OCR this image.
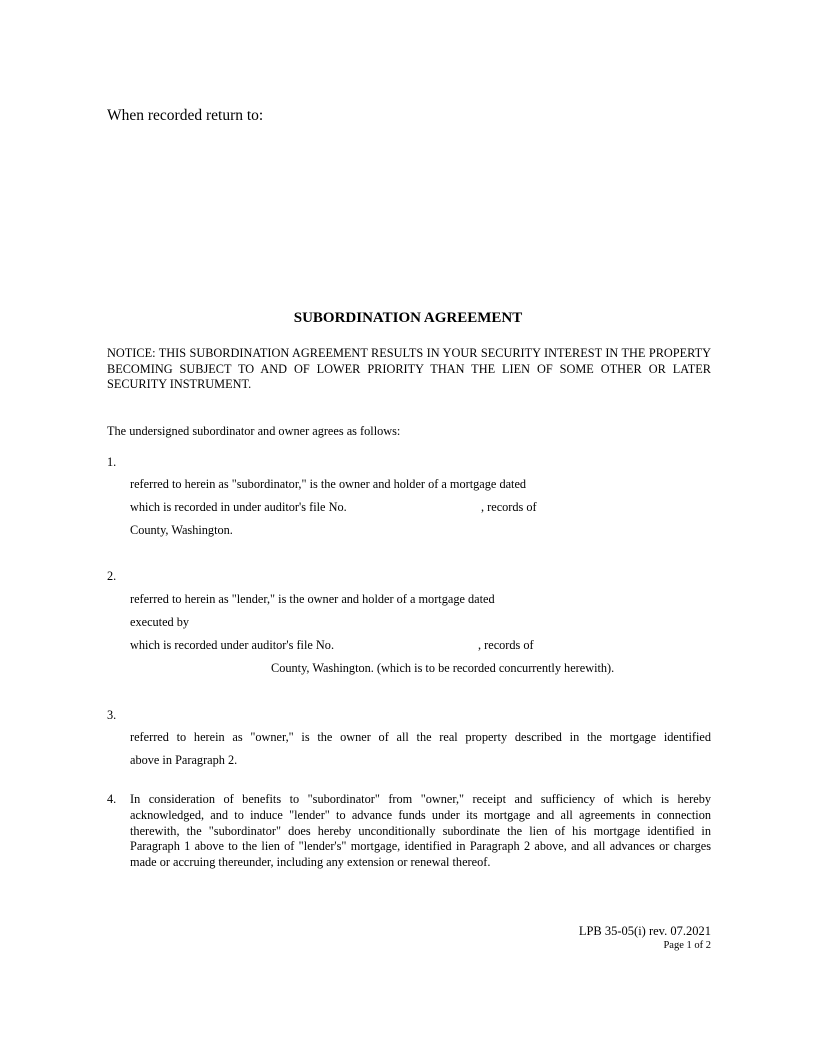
When recorded return to:
SUBORDINATION AGREEMENT
NOTICE: THIS SUBORDINATION AGREEMENT RESULTS IN YOUR SECURITY INTEREST IN THE PROPERTY BECOMING SUBJECT TO AND OF LOWER PRIORITY THAN THE LIEN OF SOME OTHER OR LATER SECURITY INSTRUMENT.
The undersigned subordinator and owner agrees as follows:
1.
referred to herein as "subordinator," is the owner and holder of a mortgage dated
which is recorded in under auditor's file No.	, records of
County, Washington.
2.
referred to herein as "lender," is the owner and holder of a mortgage dated
executed by
which is recorded under auditor's file No.	, records of
County, Washington. (which is to be recorded concurrently herewith).
3.
referred to herein as "owner," is the owner of all the real property described in the mortgage identified
above in Paragraph 2.
4. In consideration of benefits to "subordinator" from "owner," receipt and sufficiency of which is hereby acknowledged, and to induce "lender" to advance funds under its mortgage and all agreements in connection therewith, the "subordinator" does hereby unconditionally subordinate the lien of his mortgage identified in Paragraph 1 above to the lien of "lender's" mortgage, identified in Paragraph 2 above, and all advances or charges made or accruing thereunder, including any extension or renewal thereof.
LPB 35-05(i) rev. 07.2021
Page 1 of 2
